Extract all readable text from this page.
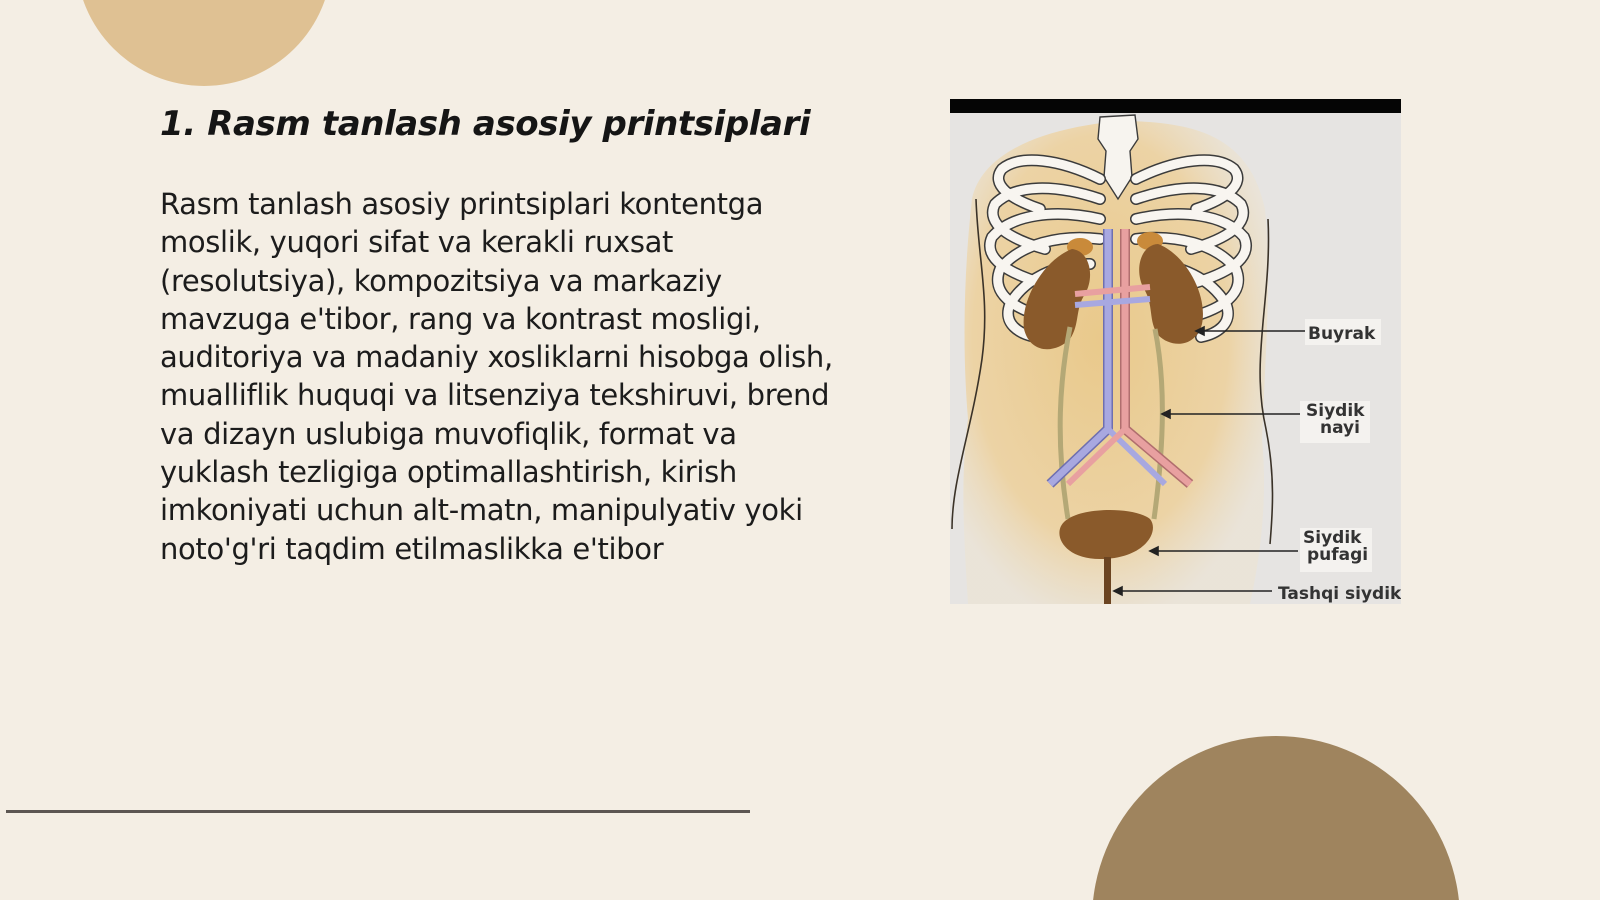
1. Rasm tanlash asosiy printsiplari

Rasm tanlash asosiy printsiplari kontentga moslik, yuqori sifat va kerakli ruxsat (resolutsiya), kompozitsiya va markaziy mavzuga e'tibor, rang va kontrast mosligi, auditoriya va madaniy xosliklarni hisobga olish, mualliflik huquqi va litsenziya tekshiruvi, brend va dizayn uslubiga muvofiqlik, format va yuklash tezligiga optimallashtirish, kirish imkoniyati uchun alt-matn, manipulyativ yoki noto'g'ri taqdim etilmaslikka e'tibor

Buyrak
Siydik
nayi
Siydik
pufagi
Tashqi siydik
